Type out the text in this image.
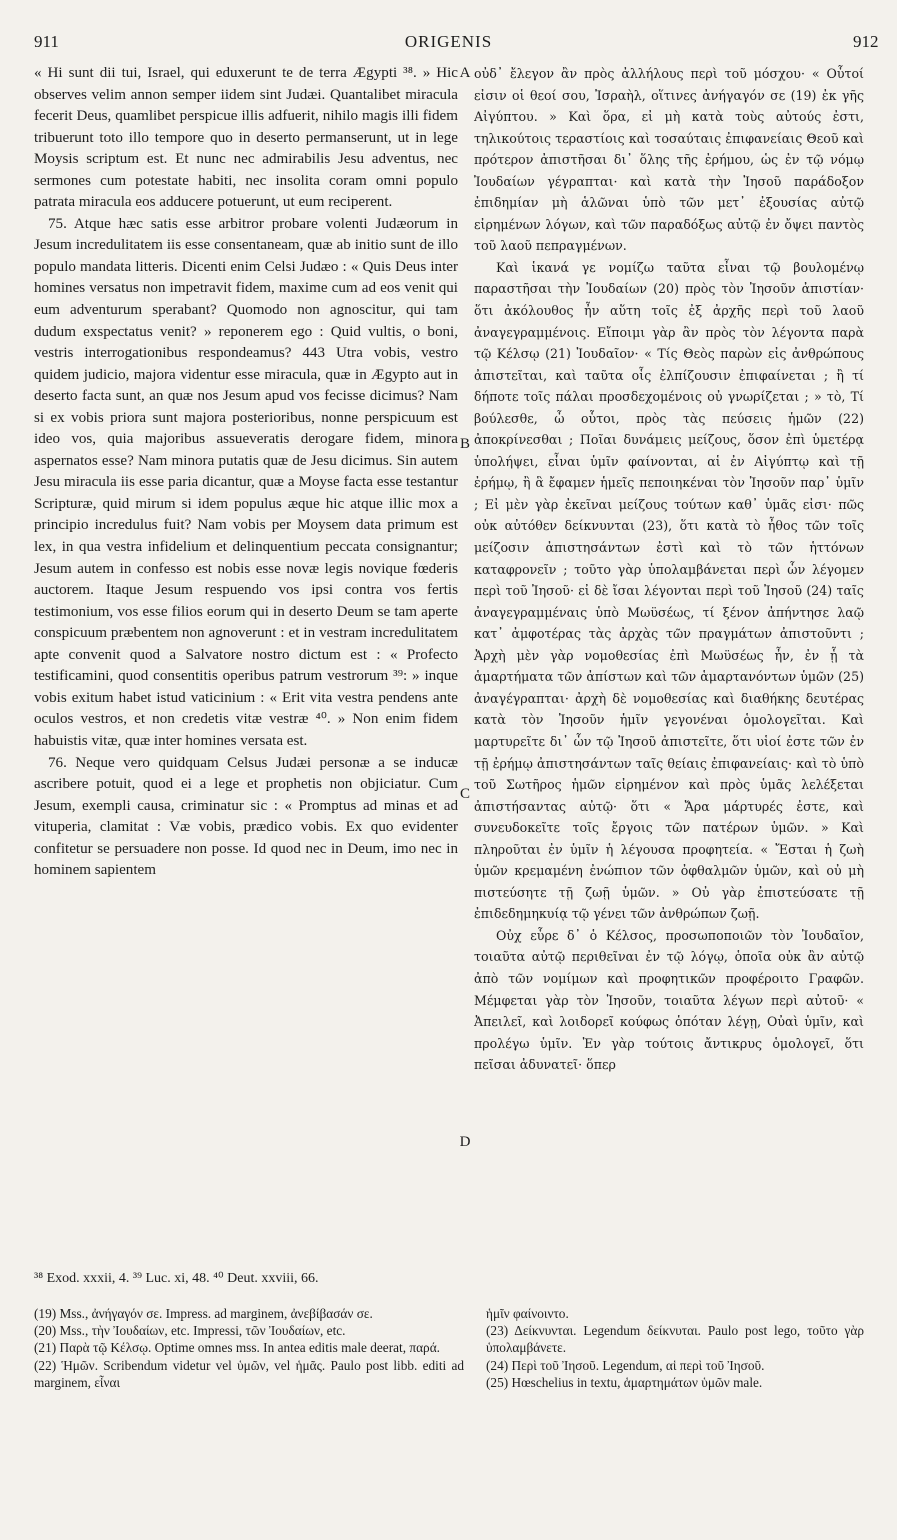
911	ORIGENIS	912

« Hi sunt dii tui, Israel, qui eduxerunt te de terra Ægypti ³⁸. » Hic observes velim annon semper iidem sint Judæi. Quantalibet miracula fecerit Deus, quamlibet perspicue illis adfuerit, nihilo magis illi fidem tribuerunt toto illo tempore quo in deserto permanserunt, ut in lege Moysis scriptum est. Et nunc nec admirabilis Jesu adventus, nec sermones cum potestate habiti, nec insolita coram omni populo patrata miracula eos adducere potuerunt, ut eum reciperent.

75. Atque hæc satis esse arbitror probare volenti Judæorum in Jesum incredulitatem iis esse consentaneam, quæ ab initio sunt de illo populo mandata litteris. Dicenti enim Celsi Judæo : « Quis Deus inter homines versatus non impetravit fidem, maxime cum ad eos venit qui eum adventurum sperabant? Quomodo non agnoscitur, qui tam dudum exspectatus venit? » reponerem ego : Quid vultis, o boni, vestris interrogationibus respondeamus? 443 Utra vobis, vestro quidem judicio, majora videntur esse miracula, quæ in Ægypto aut in deserto facta sunt, an quæ nos Jesum apud vos fecisse dicimus? Nam si ex vobis priora sunt majora posterioribus, nonne perspicuum est ideo vos, quia majoribus assueveratis derogare fidem, minora aspernatos esse? Nam minora putatis quæ de Jesu dicimus. Sin autem Jesu miracula iis esse paria dicantur, quæ a Moyse facta esse testantur Scripturæ, quid mirum si idem populus æque hic atque illic mox a principio incredulus fuit? Nam vobis per Moysem data primum est lex, in qua vestra infidelium et delinquentium peccata consignantur; Jesum autem in confesso est nobis esse novæ legis novique fœderis auctorem. Itaque Jesum respuendo vos ipsi contra vos fertis testimonium, vos esse filios eorum qui in deserto Deum se tam aperte conspicuum præbentem non agnoverunt : et in vestram incredulitatem apte convenit quod a Salvatore nostro dictum est : « Profecto testificamini, quod consentitis operibus patrum vestrorum ³⁹: » inque vobis exitum habet istud vaticinium : « Erit vita vestra pendens ante oculos vestros, et non credetis vitæ vestræ ⁴⁰. » Non enim fidem habuistis vitæ, quæ inter homines versata est.

76. Neque vero quidquam Celsus Judæi personæ a se inducæ ascribere potuit, quod ei a lege et prophetis non objiciatur. Cum Jesum, exempli causa, criminatur sic : « Promptus ad minas et ad vituperia, clamitat : Væ vobis, prædico vobis. Ex quo evidenter confitetur se persuadere non posse. Id quod nec in Deum, imo nec in hominem sapientem

A
B
C
D

οὐδ᾽ ἔλεγον ἂν πρὸς ἀλλήλους περὶ τοῦ μόσχου· « Οὗτοί εἰσιν οἱ θεοί σου, Ἰσραὴλ, οἵτινες ἀνήγαγόν σε (19) ἐκ γῆς Αἰγύπτου. » Καὶ ὅρα, εἰ μὴ κατὰ τοὺς αὐτούς ἐστι, τηλικούτοις τεραστίοις καὶ τοσαύταις ἐπιφανείαις Θεοῦ καὶ πρότερον ἀπιστῆσαι δι᾽ ὅλης τῆς ἐρήμου, ὡς ἐν τῷ νόμῳ Ἰουδαίων γέγραπται· καὶ κατὰ τὴν Ἰησοῦ παράδοξον ἐπιδημίαν μὴ ἁλῶναι ὑπὸ τῶν μετ᾽ ἐξουσίας αὐτῷ εἰρημένων λόγων, καὶ τῶν παραδόξως αὐτῷ ἐν ὄψει παντὸς τοῦ λαοῦ πεπραγμένων.

Καὶ ἱκανά γε νομίζω ταῦτα εἶναι τῷ βουλομένῳ παραστῆσαι τὴν Ἰουδαίων (20) πρὸς τὸν Ἰησοῦν ἀπιστίαν· ὅτι ἀκόλουθος ἦν αὕτη τοῖς ἐξ ἀρχῆς περὶ τοῦ λαοῦ ἀναγεγραμμένοις. Εἴποιμι γὰρ ἂν πρὸς τὸν λέγοντα παρὰ τῷ Κέλσῳ (21) Ἰουδαῖον· « Τίς Θεὸς παρὼν εἰς ἀνθρώπους ἀπιστεῖται, καὶ ταῦτα οἷς ἐλπίζουσιν ἐπιφαίνεται ; ἢ τί δήποτε τοῖς πάλαι προσδεχομένοις οὐ γνωρίζεται ; » τὸ, Τί βούλεσθε, ὦ οὗτοι, πρὸς τὰς πεύσεις ἡμῶν (22) ἀποκρίνεσθαι ; Ποῖαι δυνάμεις μείζους, ὅσον ἐπὶ ὑμετέρᾳ ὑπολήψει, εἶναι ὑμῖν φαίνονται, αἱ ἐν Αἰγύπτῳ καὶ τῇ ἐρήμῳ, ἢ ἃ ἔφαμεν ἡμεῖς πεποιηκέναι τὸν Ἰησοῦν παρ᾽ ὑμῖν ; Εἰ μὲν γὰρ ἐκεῖναι μείζους τούτων καθ᾽ ὑμᾶς εἰσι· πῶς οὐκ αὐτόθεν δείκνυνται (23), ὅτι κατὰ τὸ ἦθος τῶν τοῖς μείζοσιν ἀπιστησάντων ἐστὶ καὶ τὸ τῶν ἡττόνων καταφρονεῖν ; τοῦτο γὰρ ὑπολαμβάνεται περὶ ὧν λέγομεν περὶ τοῦ Ἰησοῦ· εἰ δὲ ἴσαι λέγονται περὶ τοῦ Ἰησοῦ (24) ταῖς ἀναγεγραμμέναις ὑπὸ Μωϋσέως, τί ξένον ἀπήντησε λαῷ κατ᾽ ἀμφοτέρας τὰς ἀρχὰς τῶν πραγμάτων ἀπιστοῦντι ; Ἀρχὴ μὲν γὰρ νομοθεσίας ἐπὶ Μωϋσέως ἦν, ἐν ᾗ τὰ ἁμαρτήματα τῶν ἀπίστων καὶ τῶν ἁμαρτανόντων ὑμῶν (25) ἀναγέγραπται· ἀρχὴ δὲ νομοθεσίας καὶ διαθήκης δευτέρας κατὰ τὸν Ἰησοῦν ἡμῖν γεγονέναι ὁμολογεῖται. Καὶ μαρτυρεῖτε δι᾽ ὧν τῷ Ἰησοῦ ἀπιστεῖτε, ὅτι υἱοί ἐστε τῶν ἐν τῇ ἐρήμῳ ἀπιστησάντων ταῖς θείαις ἐπιφανείαις· καὶ τὸ ὑπὸ τοῦ Σωτῆρος ἡμῶν εἰρημένον καὶ πρὸς ὑμᾶς λελέξεται ἀπιστήσαντας αὐτῷ· ὅτι « Ἄρα μάρτυρές ἐστε, καὶ συνευδοκεῖτε τοῖς ἔργοις τῶν πατέρων ὑμῶν. » Καὶ πληροῦται ἐν ὑμῖν ἡ λέγουσα προφητεία. « Ἔσται ἡ ζωὴ ὑμῶν κρεμαμένη ἐνώπιον τῶν ὀφθαλμῶν ὑμῶν, καὶ οὐ μὴ πιστεύσητε τῇ ζωῇ ὑμῶν. » Οὐ γὰρ ἐπιστεύσατε τῇ ἐπιδεδημηκυίᾳ τῷ γένει τῶν ἀνθρώπων ζωῇ.

Οὐχ εὗρε δ᾽ ὁ Κέλσος, προσωποποιῶν τὸν Ἰουδαῖον, τοιαῦτα αὐτῷ περιθεῖναι ἐν τῷ λόγῳ, ὁποῖα οὐκ ἂν αὐτῷ ἀπὸ τῶν νομίμων καὶ προφητικῶν προφέροιτο Γραφῶν. Μέμφεται γὰρ τὸν Ἰησοῦν, τοιαῦτα λέγων περὶ αὐτοῦ· « Ἀπειλεῖ, καὶ λοιδορεῖ κούφως ὁπόταν λέγῃ, Οὐαὶ ὑμῖν, καὶ προλέγω ὑμῖν. Ἐν γὰρ τούτοις ἄντικρυς ὁμολογεῖ, ὅτι πεῖσαι ἀδυνατεῖ· ὅπερ

³⁸ Exod. xxxii, 4. ³⁹ Luc. xi, 48. ⁴⁰ Deut. xxviii, 66.

(19) Mss., ἀνήγαγόν σε. Impress. ad marginem, ἀνεβίβασάν σε.

(20) Mss., τὴν Ἰουδαίων, etc. Impressi, τῶν Ἰουδαίων, etc.

(21) Παρὰ τῷ Κέλσῳ. Optime omnes mss. In antea editis male deerat, παρά.

(22) Ἡμῶν. Scribendum videtur vel ὑμῶν, vel ἡμᾶς. Paulo post libb. editi ad marginem, εἶναι

ἡμῖν φαίνοιντο.

(23) Δείκνυνται. Legendum δείκνυται. Paulo post lego, τοῦτο γὰρ ὑπολαμβάνετε.

(24) Περὶ τοῦ Ἰησοῦ. Legendum, αἱ περὶ τοῦ Ἰησοῦ.

(25) Hœschelius in textu, ἁμαρτημάτων ὑμῶν male.
